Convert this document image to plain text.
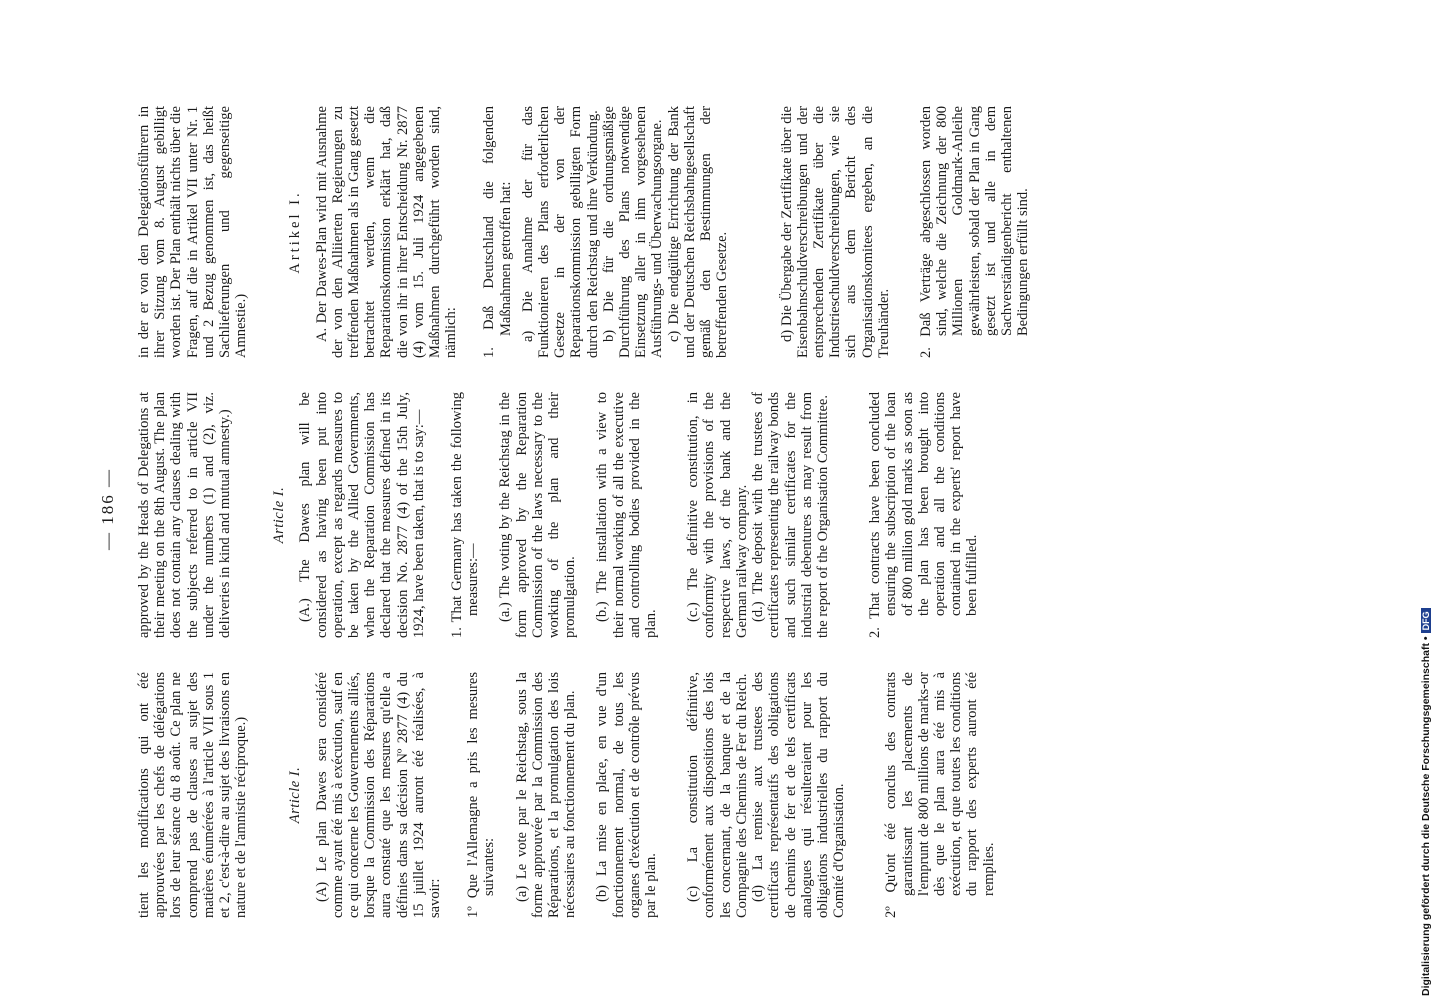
— 186 —

tient les modifications qui ont été approuvées par les chefs de délégations lors de leur séance du 8 août. Ce plan ne comprend pas de clauses au sujet des matières énumérées à l'article VII sous 1 et 2, c'est-à-dire au sujet des livraisons en nature et de l'amnistie réciproque.)	Article I. (A) Le plan Dawes sera considéré comme ayant été mis à exécution, sauf en ce qui concerne les Gouvernements alliés, lorsque la Commission des Réparations aura constaté que les mesures qu'elle a définies dans sa décision Nº 2877 (4) du 15 juillet 1924 auront été réalisées, à savoir: 1º Que l'Allemagne a pris les mesures suivantes: (a) Le vote par le Reichstag, sous la forme approuvée par la Commission des Réparations, et la promulgation des lois nécessaires au fonctionnement du plan. (b) La mise en place, en vue d'un fonctionnement normal, de tous les organes d'exécution et de contrôle prévus par le plan. (c) La constitution définitive, conformément aux dispositions des lois les concernant, de la banque et de la Compagnie des Chemins de Fer du Reich. (d) La remise aux trustees des certificats représentatifs des obligations de chemins de fer et de tels certificats analogues qui résulteraient pour les obligations industrielles du rapport du Comité d'Organisation. 2º Qu'ont été conclus des contrats garantissant les placements de l'emprunt de 800 millions de marks-or dès que le plan aura été mis à exécution, et que toutes les conditions du rapport des experts auront été remplies.

approved by the Heads of Delegations at their meeting on the 8th August. The plan does not contain any clauses dealing with the subjects referred to in article VII under the numbers (1) and (2), viz. deliveries in kind and mutual amnesty.)	Article I. (A.) The Dawes plan will be considered as having been put into operation, except as regards measures to be taken by the Allied Governments, when the Reparation Commission has declared that the measures defined in its decision No. 2877 (4) of the 15th July, 1924, have been taken, that is to say:— 1. That Germany has taken the following measures:— (a.) The voting by the Reichstag in the form approved by the Reparation Commission of the laws necessary to the working of the plan and their promulgation. (b.) The installation with a view to their normal working of all the executive and controlling bodies provided in the plan.

(c.) The definitive constitution, in conformity with the provisions of the respective laws, of the bank and the German railway company. (d.) The deposit with the trustees of certificates representing the railway bonds and such similar certificates for the industrial debentures as may result from the report of the Organisation Committee. 2. That contracts have been concluded ensuring the subscription of the loan of 800 million gold marks as soon as the plan has been brought into operation and all the conditions contained in the experts' report have been fulfilled.

in der er von den Delegationsführern in ihrer Sitzung vom 8. August gebilligt worden ist. Der Plan enthält nichts über die Fragen, auf die in Artikel VII unter Nr. 1 und 2 Bezug genommen ist, das heißt Sachlieferungen und gegenseitige Amnestie.)

Artikel I. A. Der Dawes-Plan wird mit Ausnahme der von den Alliierten Regierungen zu treffenden Maßnahmen als in Gang gesetzt betrachtet werden, wenn die Reparationskommission erklärt hat, daß die von ihr in ihrer Entscheidung Nr. 2877 (4) vom 15. Juli 1924 angegebenen Maßnahmen durchgeführt worden sind, nämlich: 1. Daß Deutschland die folgenden Maßnahmen getroffen hat: a) Die Annahme der für das Funktionieren des Plans erforderlichen Gesetze in der von der Reparationskommission gebilligten Form durch den Reichstag und ihre Verkündung. b) Die für die ordnungsmäßige Durchführung des Plans notwendige Einsetzung aller in ihm vorgesehenen Ausführungs- und Überwachungsorgane. c) Die endgültige Errichtung der Bank und der Deutschen Reichsbahngesellschaft gemäß den Bestimmungen der betreffenden Gesetze.	d) Die Übergabe der Zertifikate über die Eisenbahnschuldverschreibungen und der entsprechenden Zertifikate über die Industrieschuldverschreibungen, wie sie sich aus dem Bericht des Organisationskomitees ergeben, an die Treuhänder. 2. Daß Verträge abgeschlossen worden sind, welche die Zeichnung der 800 Millionen Goldmark-Anleihe gewährleisten, sobald der Plan in Gang gesetzt ist und alle in dem Sachverständigenbericht enthaltenen Bedingungen erfüllt sind.

Digitalisierung gefördert durch die Deutsche Forschungsgemeinschaft •DFG
